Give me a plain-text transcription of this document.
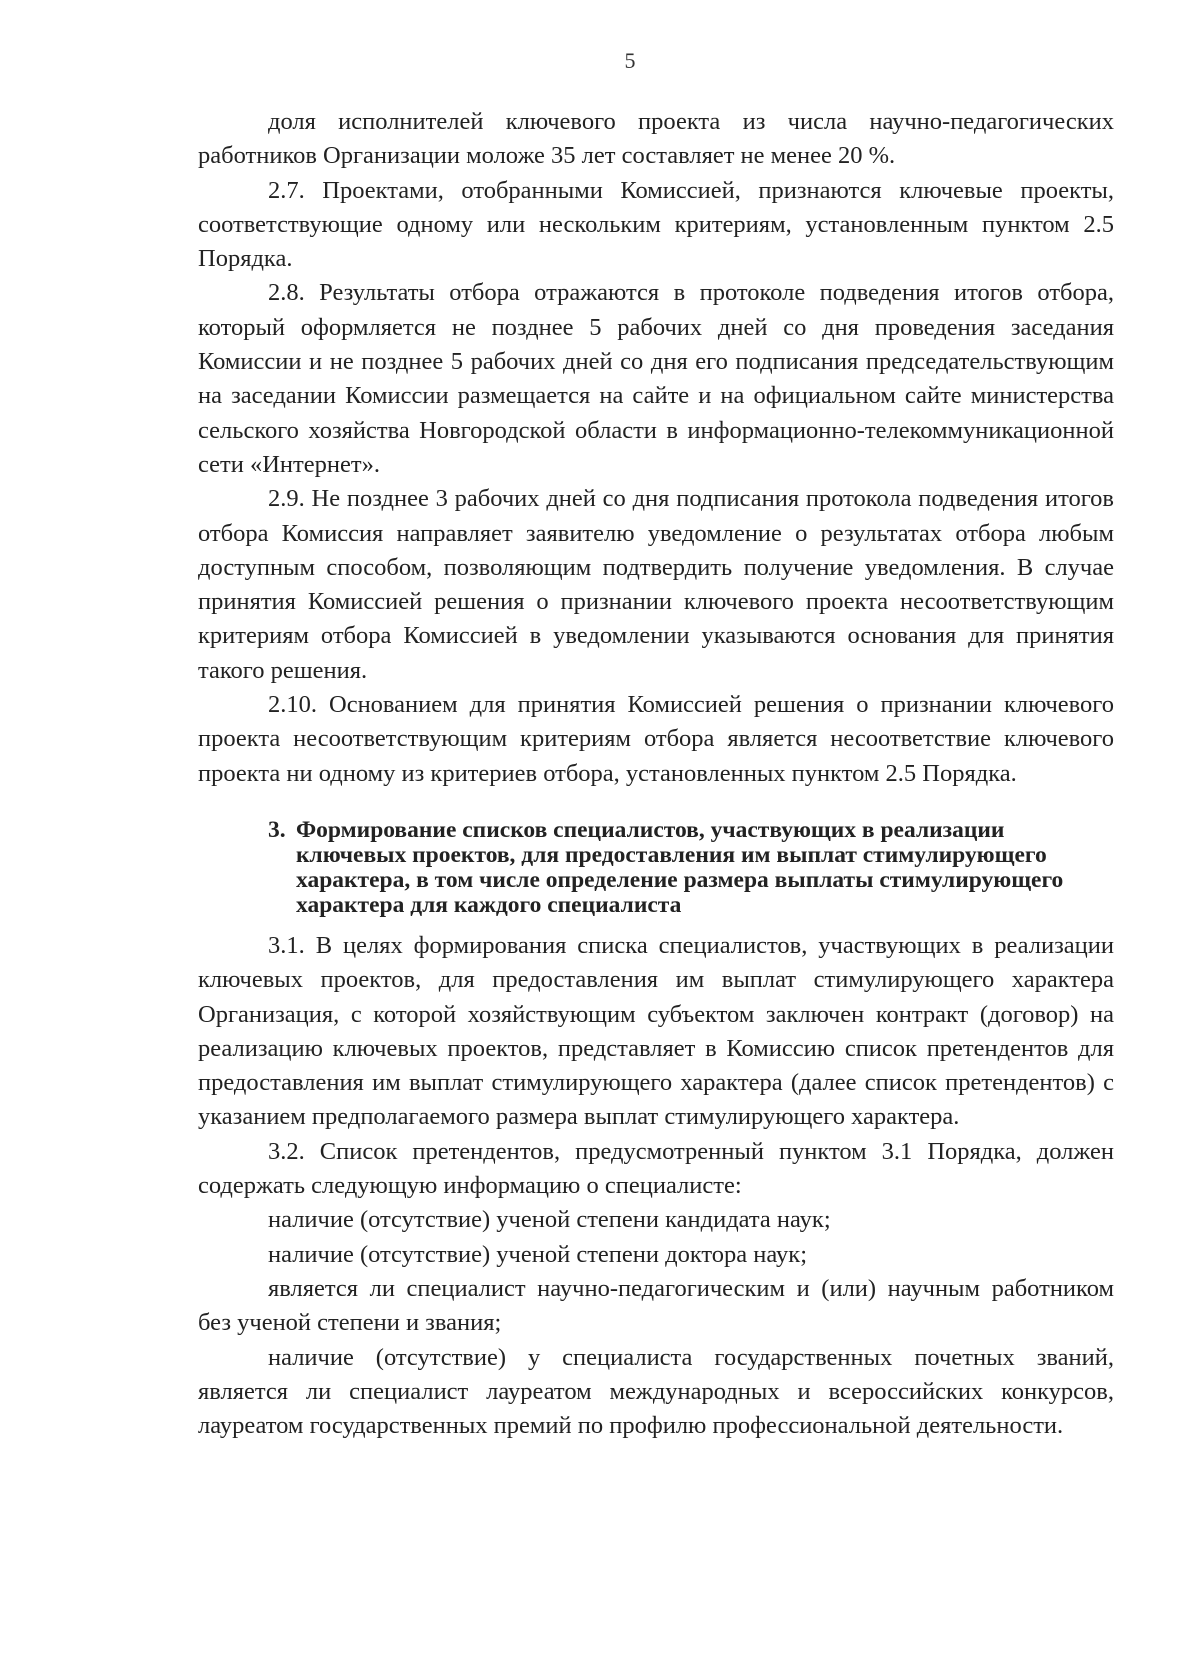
5

доля исполнителей ключевого проекта из числа научно-педагогических работников Организации моложе 35 лет составляет не менее 20 %.

2.7. Проектами, отобранными Комиссией, признаются ключевые проекты, соответствующие одному или нескольким критериям, установленным пунктом 2.5 Порядка.

2.8. Результаты отбора отражаются в протоколе подведения итогов отбора, который оформляется не позднее 5 рабочих дней со дня проведения заседания Комиссии и не позднее 5 рабочих дней со дня его подписания председательствующим на заседании Комиссии размещается на сайте и на официальном сайте министерства сельского хозяйства Новгородской области в информационно-телекоммуникационной сети «Интернет».

2.9. Не позднее 3 рабочих дней со дня подписания протокола подведения итогов отбора Комиссия направляет заявителю уведомление о результатах отбора любым доступным способом, позволяющим подтвердить получение уведомления. В случае принятия Комиссией решения о признании ключевого проекта несоответствующим критериям отбора Комиссией в уведомлении указываются основания для принятия такого решения.

2.10. Основанием для принятия Комиссией решения о признании ключевого проекта несоответствующим критериям отбора является несоответствие ключевого проекта ни одному из критериев отбора, установленных пунктом 2.5 Порядка.

3. Формирование списков специалистов, участвующих в реализации ключевых проектов, для предоставления им выплат стимулирующего характера, в том числе определение размера выплаты стимулирующего характера для каждого специалиста

3.1. В целях формирования списка специалистов, участвующих в реализации ключевых проектов, для предоставления им выплат стимулирующего характера Организация, с которой хозяйствующим субъектом заключен контракт (договор) на реализацию ключевых проектов, представляет в Комиссию список претендентов для предоставления им выплат стимулирующего характера (далее список претендентов) с указанием предполагаемого размера выплат стимулирующего характера.

3.2. Список претендентов, предусмотренный пунктом 3.1 Порядка, должен содержать следующую информацию о специалисте:

наличие (отсутствие) ученой степени кандидата наук;

наличие (отсутствие) ученой степени доктора наук;

является ли специалист научно-педагогическим и (или) научным работником без ученой степени и звания;

наличие (отсутствие) у специалиста государственных почетных званий, является ли специалист лауреатом международных и всероссийских конкурсов, лауреатом государственных премий по профилю профессиональной деятельности.
